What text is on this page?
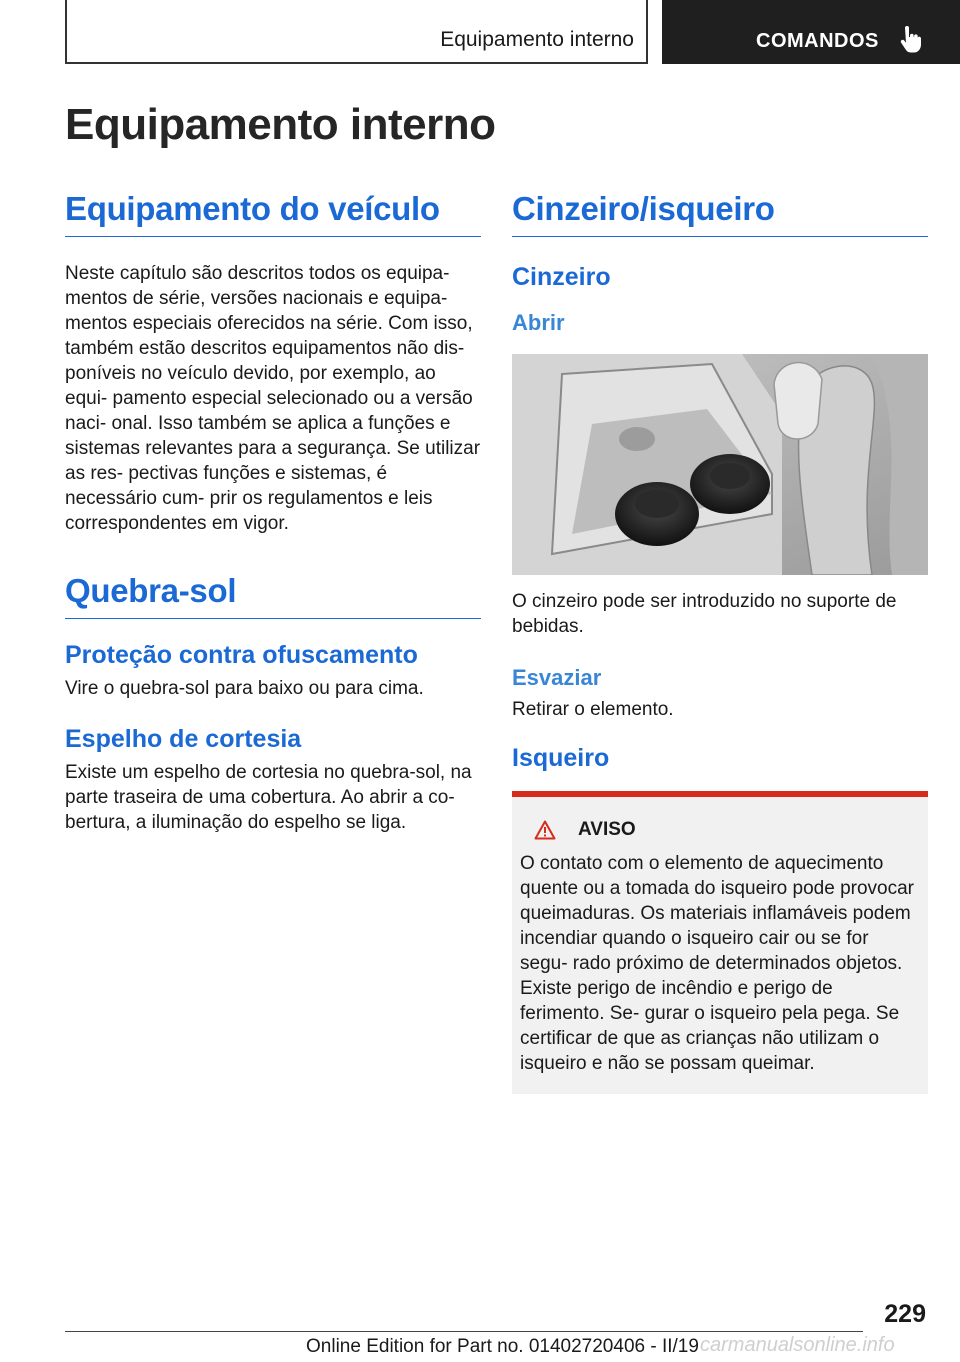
Equipamento interno	COMANDOS
Equipamento interno
Equipamento do veículo

Neste capítulo são descritos todos os equipa- mentos de série, versões nacionais e equipa- mentos especiais oferecidos na série. Com isso, também estão descritos equipamentos não dis- poníveis no veículo devido, por exemplo, ao equi- pamento especial selecionado ou a versão naci- onal. Isso também se aplica a funções e sistemas relevantes para a segurança. Se utilizar as res- pectivas funções e sistemas, é necessário cum- prir os regulamentos e leis correspondentes em vigor.

Quebra-sol
Proteção contra ofuscamento

Vire o quebra-sol para baixo ou para cima.

Espelho de cortesia

Existe um espelho de cortesia no quebra-sol, na parte traseira de uma cobertura. Ao abrir a co- bertura, a iluminação do espelho se liga.

Cinzeiro/isqueiro
Cinzeiro
Abrir

O cinzeiro pode ser introduzido no suporte de bebidas.

Esvaziar

Retirar o elemento.

Isqueiro
AVISO

O contato com o elemento de aquecimento quente ou a tomada do isqueiro pode provocar queimaduras. Os materiais inflamáveis podem incendiar quando o isqueiro cair ou se for segu- rado próximo de determinados objetos. Existe perigo de incêndio e perigo de ferimento. Se- gurar o isqueiro pela pega. Se certificar de que as crianças não utilizam o isqueiro e não se possam queimar.

229
Online Edition for Part no. 01402720406 - II/19 carmanualsonline.info
